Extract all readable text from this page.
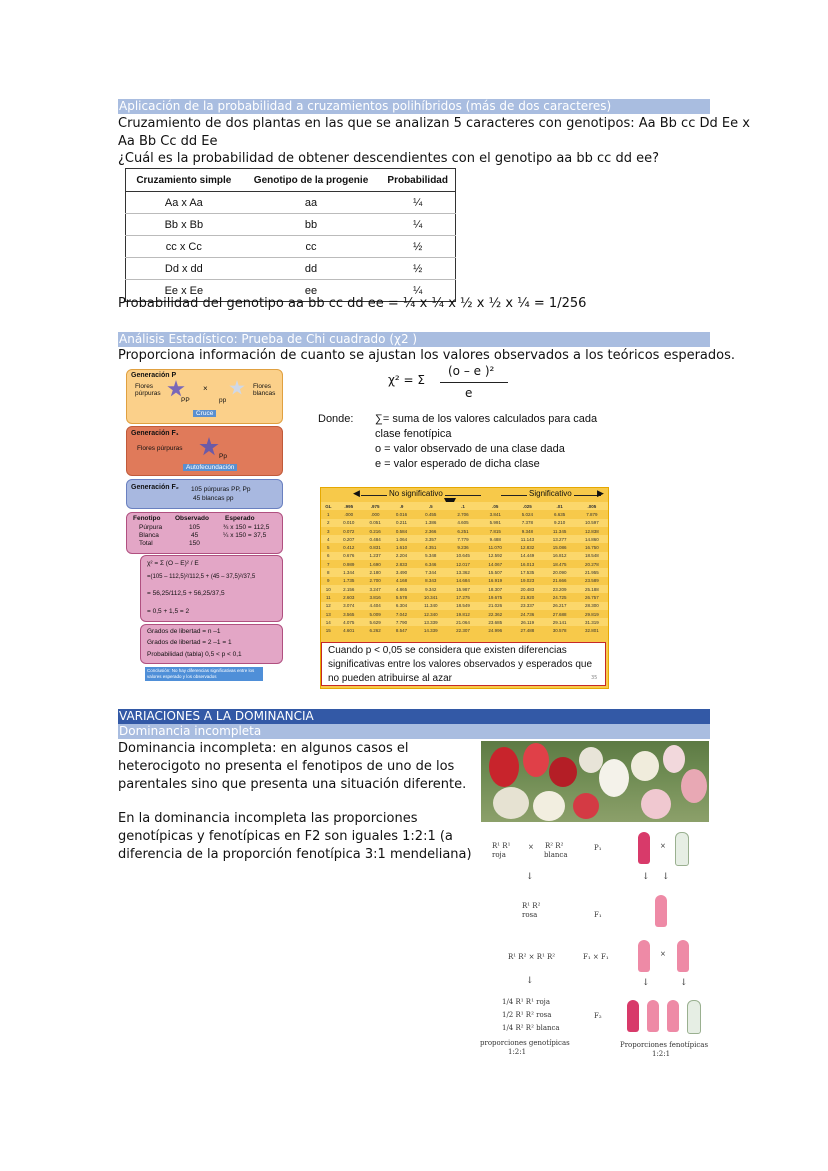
Aplicación de la probabilidad a cruzamientos polihíbridos (más de dos caracteres)
Cruzamiento de dos plantas en las que se analizan 5 caracteres con genotipos: Aa Bb cc Dd Ee x
Aa Bb Cc dd Ee
¿Cuál es la probabilidad de obtener descendientes con el genotipo aa bb cc dd ee?
Cruzamiento simple	Genotipo de la progenie	Probabilidad
Aa x Aa	aa	¼
Bb x Bb	bb	¼
cc x Cc	cc	½
Dd x dd	dd	½
Ee x Ee	ee	¼
Probabilidad del genotipo aa bb cc dd ee = ¼ x ¼ x ½ x ½ x ¼ = 1/256
Análisis Estadístico: Prueba de Chi cuadrado (χ2 )
Proporciona información de cuanto se ajustan los valores observados a los teóricos esperados.
Generación P
Flores púrpuras
×	Flores blancas
PP	pp
Cruce
Generación F₁
Flores púrpuras
Pp
Autofecundación
Generación F₂ 105 púrpuras PP, Pp
45 blancas pp
Fenotipo Observado Esperado
Púrpura	105	¾ x 150 = 112,5
Blanca	45	¼ x 150 = 37,5
Total	150
χ² = Σ (O – E)² / E
=(105 – 112,5)²/112,5 + (45 – 37,5)²/37,5
= 56,25/112,5 + 56,25/37,5
= 0,5 + 1,5 = 2
Grados de libertad = n –1
Grados de libertad = 2 –1 = 1
Probabilidad (tabla) 0,5 < p < 0,1
Conclusión: No hay diferencias significativas entre los valores esperado y los observados
χ² = Σ
(o – e )²
e
Donde: ∑= suma de los valores calculados para cada
clase fenotípica
o = valor observado de una clase dada
e = valor esperado de dicha clase
◀	No significativo	Significativo	▶
GL	.995	.975	.9	.5	.1	.05	.025	.01	.005
1	.000	.000	0.016	0.455	2.706	3.841	5.024	6.635	7.879
2	0.010	0.051	0.211	1.386	4.605	5.991	7.378	9.210	10.597
3	0.072	0.216	0.584	2.366	6.251	7.815	9.348	11.345	12.838
4	0.207	0.484	1.064	3.357	7.779	9.488	11.143	13.277	14.860
5	0.412	0.831	1.610	4.351	9.236	11.070	12.832	15.086	16.750
6	0.676	1.237	2.204	5.348	10.645	12.592	14.449	16.812	18.548
7	0.989	1.690	2.833	6.346	12.017	14.067	16.013	18.475	20.278
8	1.344	2.180	3.490	7.344	13.362	15.507	17.535	20.090	21.955
9	1.735	2.700	4.168	8.343	14.684	16.919	19.023	21.666	23.589
10	2.156	3.247	4.865	9.342	15.987	18.307	20.483	23.209	25.188
11	2.603	3.816	5.578	10.341	17.275	19.675	21.920	24.725	26.757
12	3.074	4.404	6.304	11.340	18.549	21.026	23.337	26.217	28.300
13	3.565	5.009	7.042	12.340	19.812	22.362	24.736	27.688	29.819
14	4.075	5.629	7.790	13.339	21.064	23.685	26.119	29.141	31.319
15	4.601	6.262	8.547	14.339	22.307	24.996	27.488	30.578	32.801
Cuando p < 0,05 se considera que existen diferencias significativas entre los valores observados y esperados que no pueden atribuirse al azar	35
VARIACIONES A LA DOMINANCIA
Dominancia incompleta
Dominancia incompleta: en algunos casos el heterocigoto no presenta el fenotipos de uno de los parentales sino que presenta una situación diferente.
En la dominancia incompleta las proporciones genotípicas y fenotípicas en F2 son iguales 1:2:1 (a diferencia de la proporción fenotípica 3:1 mendeliana)
R¹ R¹
roja
× R² R²
blanca
P₁
↓
R¹ R²
rosa	F₁
R¹ R² × R¹ R²	F₁ × F₁
↓
1/4 R¹ R¹ roja
1/2 R¹ R² rosa
1/4 R² R² blanca
F₂
proporciones genotípicas
1:2:1
Proporciones fenotípicas
1:2:1
×
↓ ↓
×
↓	↓
